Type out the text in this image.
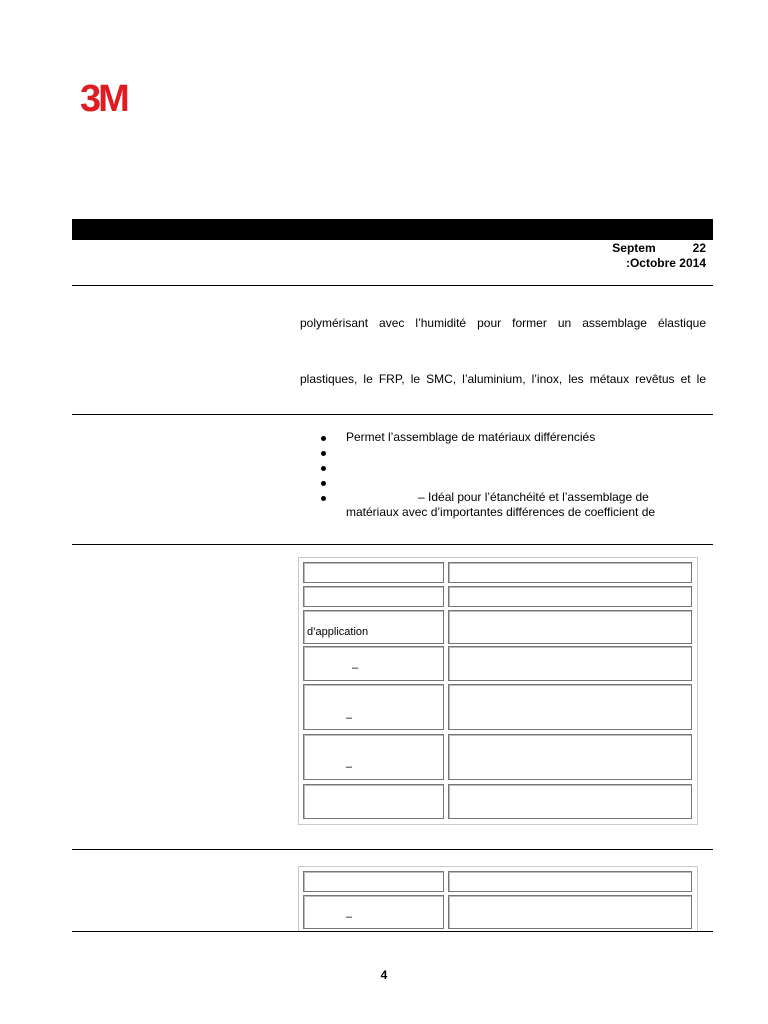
3M
Septem	22
:Octobre 2014
polymérisant avec l’humidité pour former un assemblage élastique
plastiques, le FRP, le SMC, l’aluminium, l’inox, les métaux revêtus et le
Permet l’assemblage de matériaux différenciés
– Idéal pour l’étanchéité et l’assemblage de
matériaux avec d’importantes différences de coefficient de
d’application
–
–
–
–
4
